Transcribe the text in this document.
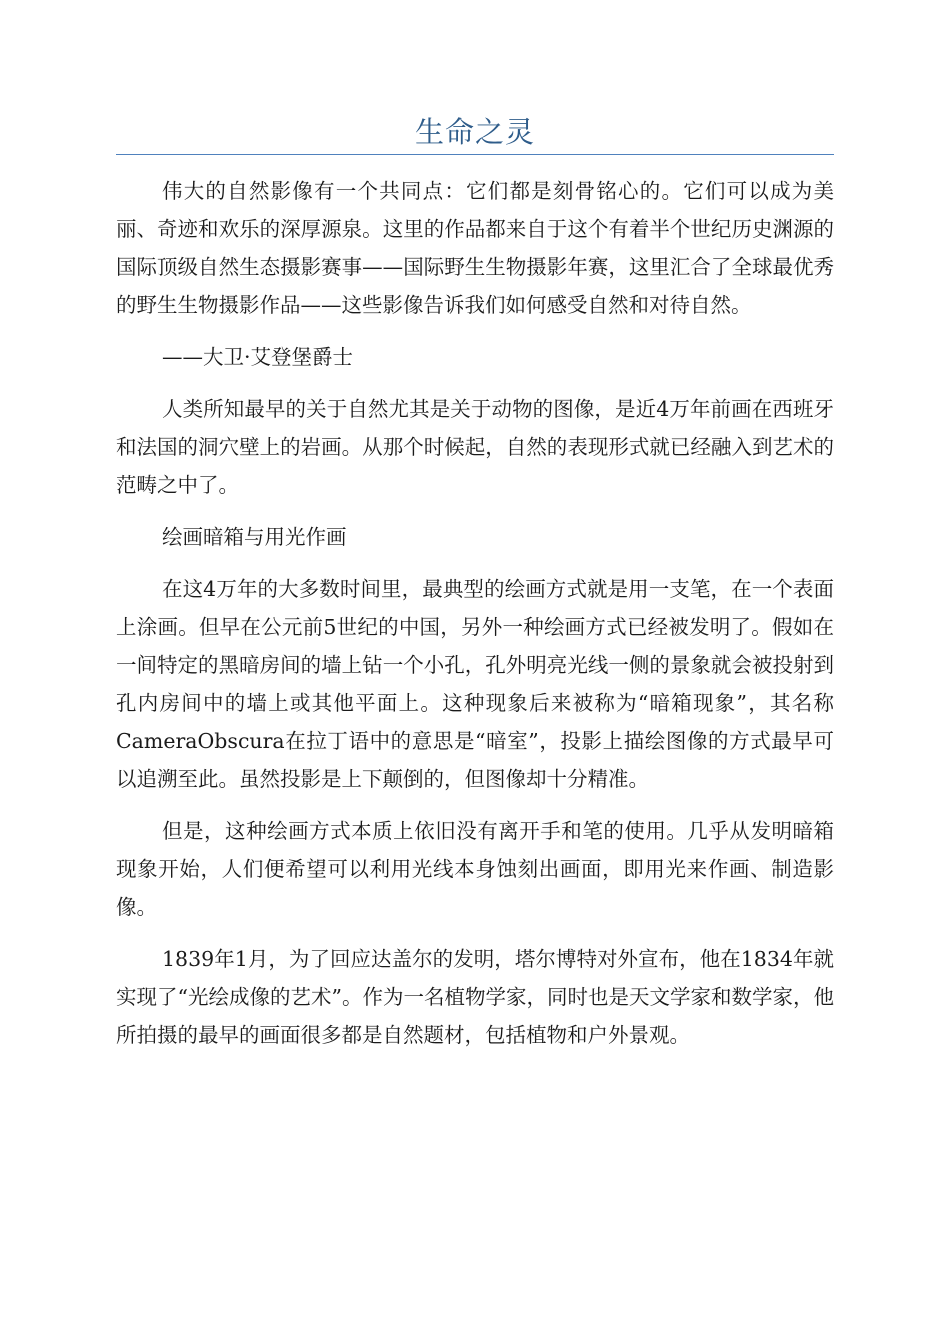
生命之灵

伟大的自然影像有一个共同点：它们都是刻骨铭心的。它们可以成为美丽、奇迹和欢乐的深厚源泉。这里的作品都来自于这个有着半个世纪历史渊源的国际顶级自然生态摄影赛事——国际野生生物摄影年赛，这里汇合了全球最优秀的野生生物摄影作品——这些影像告诉我们如何感受自然和对待自然。

——大卫·艾登堡爵士

人类所知最早的关于自然尤其是关于动物的图像，是近4万年前画在西班牙和法国的洞穴壁上的岩画。从那个时候起，自然的表现形式就已经融入到艺术的范畴之中了。

绘画暗箱与用光作画

在这4万年的大多数时间里，最典型的绘画方式就是用一支笔，在一个表面上涂画。但早在公元前5世纪的中国，另外一种绘画方式已经被发明了。假如在一间特定的黑暗房间的墙上钻一个小孔，孔外明亮光线一侧的景象就会被投射到孔内房间中的墙上或其他平面上。这种现象后来被称为“暗箱现象”，其名称CameraObscura在拉丁语中的意思是“暗室”，投影上描绘图像的方式最早可以追溯至此。虽然投影是上下颠倒的，但图像却十分精准。

但是，这种绘画方式本质上依旧没有离开手和笔的使用。几乎从发明暗箱现象开始，人们便希望可以利用光线本身蚀刻出画面，即用光来作画、制造影像。

1839年1月，为了回应达盖尔的发明，塔尔博特对外宣布，他在1834年就实现了“光绘成像的艺术”。作为一名植物学家，同时也是天文学家和数学家，他所拍摄的最早的画面很多都是自然题材，包括植物和户外景观。
